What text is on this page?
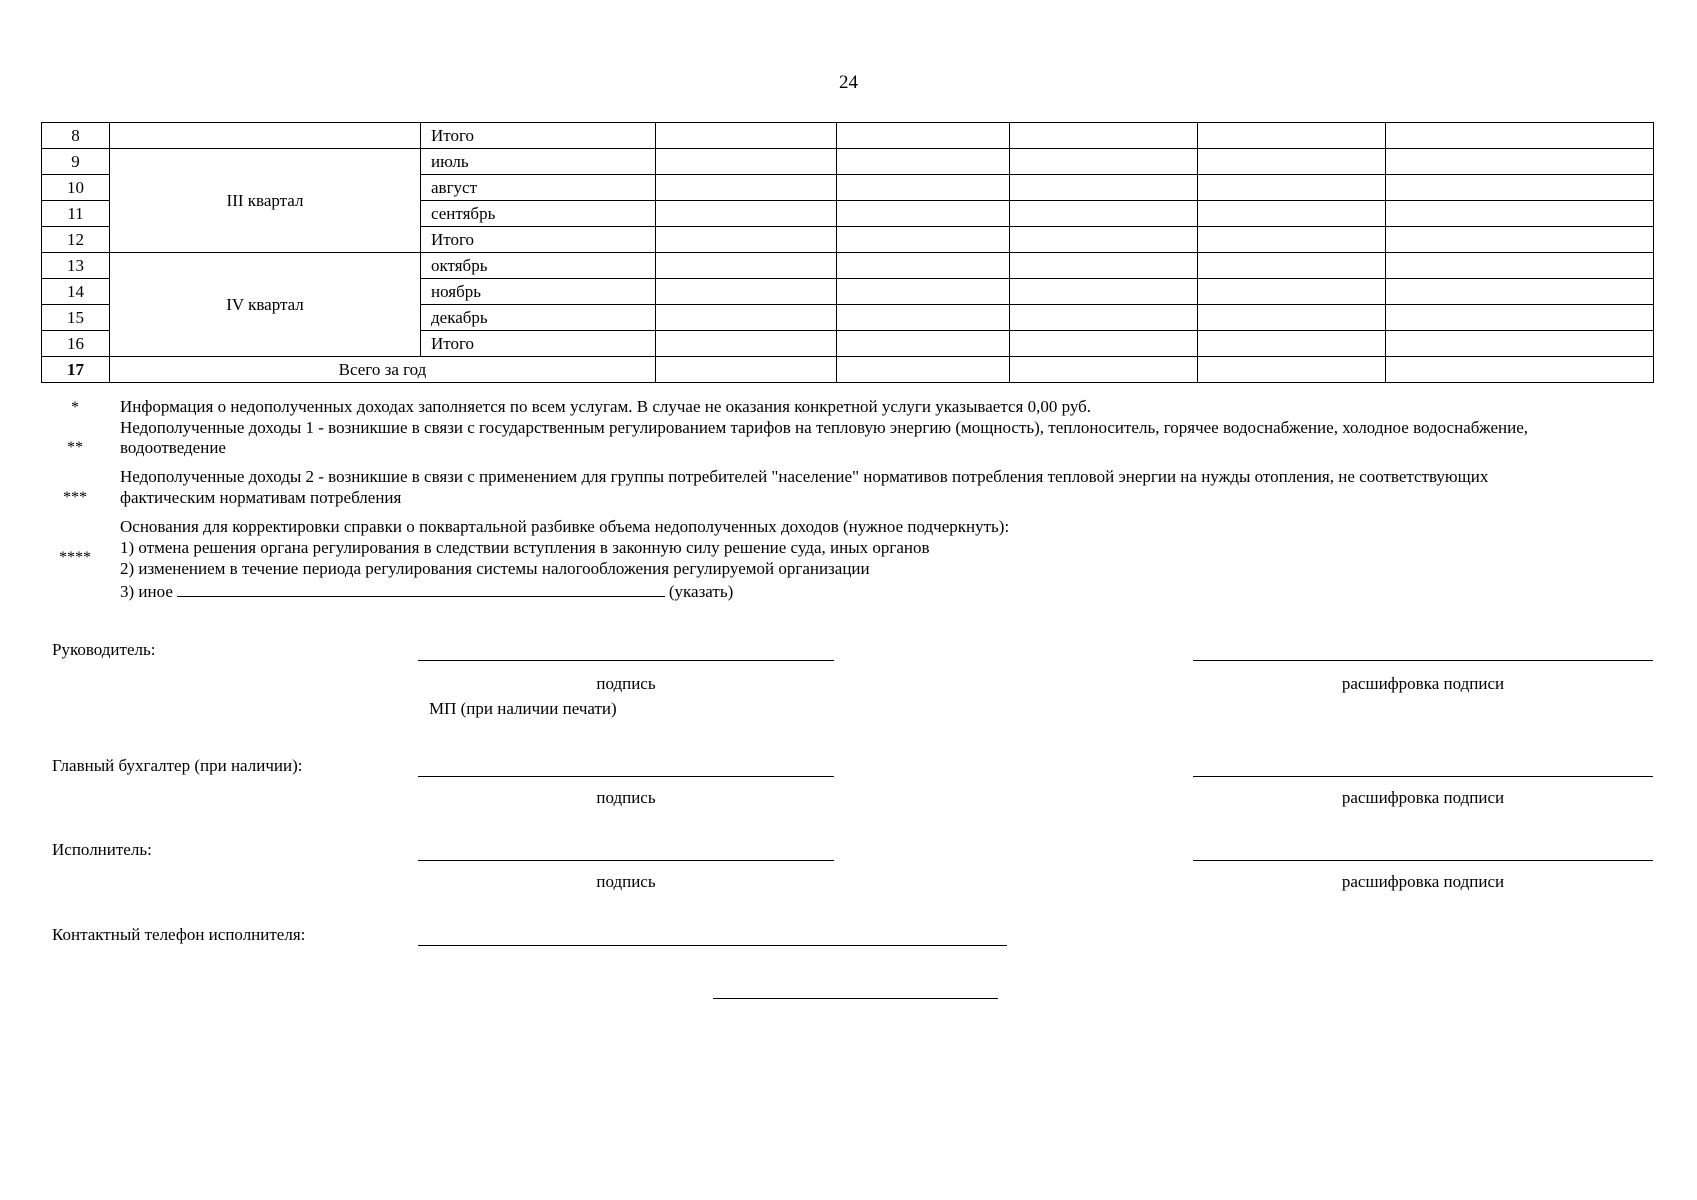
24
8		Итого					
9	III квартал	июль					
10		август					
11		сентябрь					
12		Итого					
13	IV квартал	октябрь					
14		ноябрь					
15		декабрь					
16		Итого					
17	Всего за год						
*	Информация о недополученных доходах заполняется по всем услугам. В случае не оказания конкретной услуги указывается 0,00 руб.
**
Недополученные доходы 1 - возникшие в связи с государственным регулированием тарифов на тепловую энергию (мощность), теплоноситель, горячее водоснабжение, холодное водоснабжение,
водоотведение
***
Недополученные доходы 2 - возникшие в связи с применением для группы потребителей "население" нормативов потребления тепловой энергии на нужды отопления, не соответствующих
фактическим нормативам потребления
****
Основания для корректировки справки о поквартальной разбивке объема недополученных доходов (нужное подчеркнуть):
1) отмена решения органа регулирования в следствии вступления в законную силу решение суда, иных органов
2) изменением в течение периода регулирования системы налогообложения регулируемой организации
3) иное	(указать)
Руководитель:
подпись	расшифровка подписи
МП (при наличии печати)
Главный бухгалтер (при наличии):
подпись	расшифровка подписи
Исполнитель:
подпись	расшифровка подписи
Контактный телефон исполнителя:
